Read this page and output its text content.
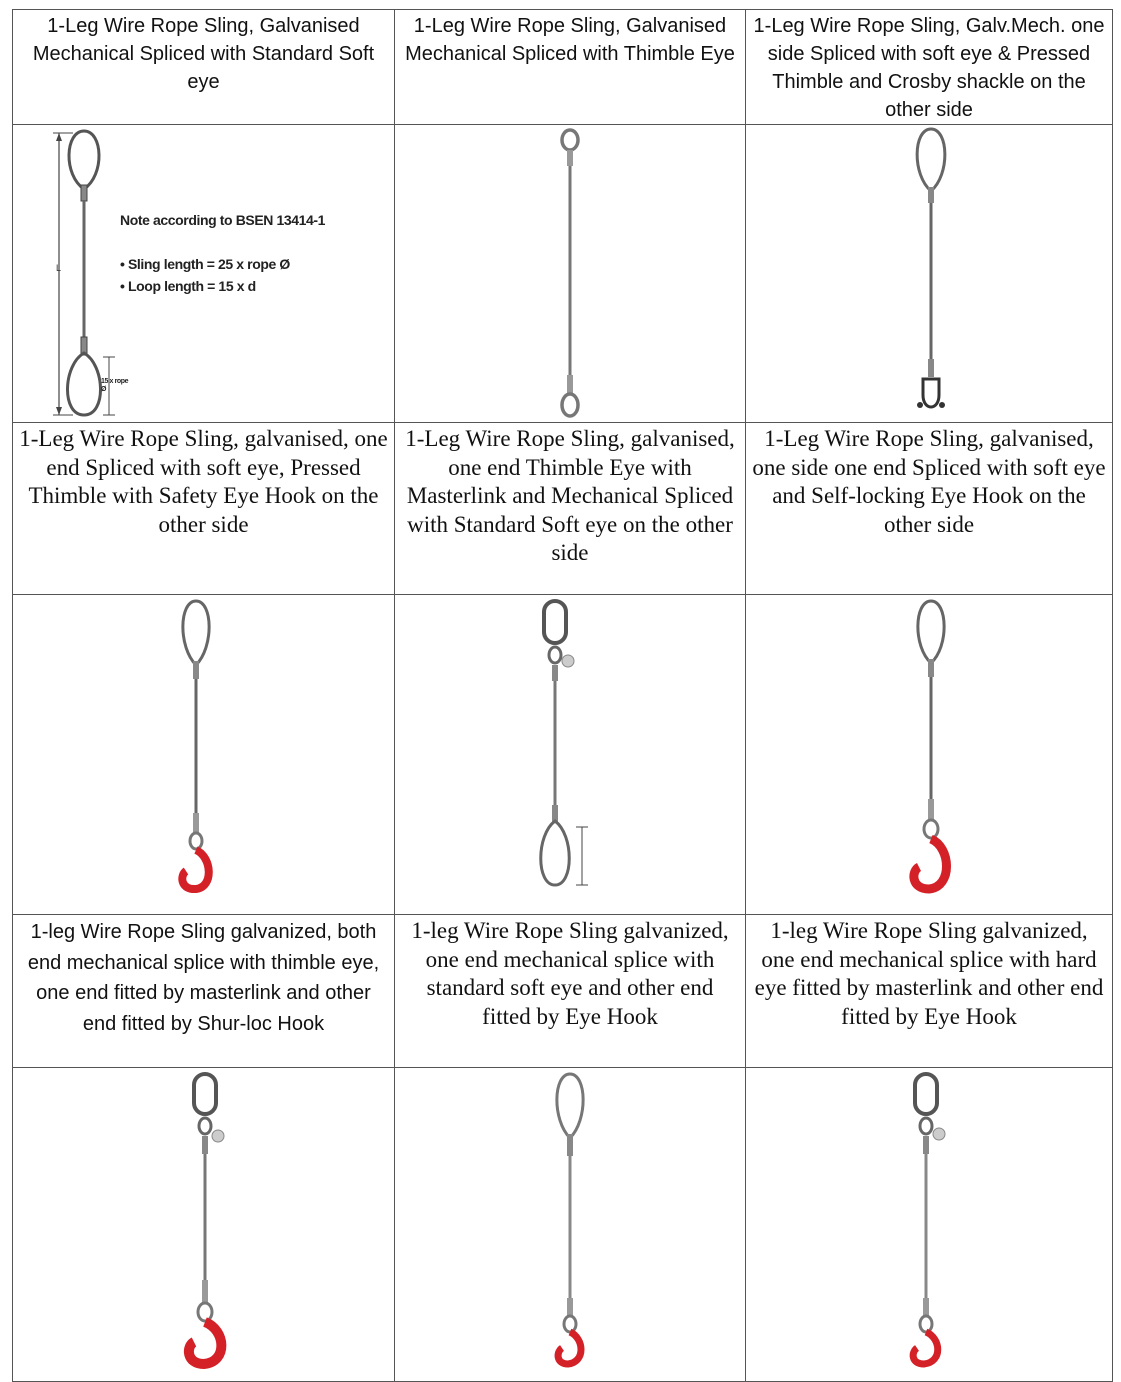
1-Leg Wire Rope Sling, Galvanised Mechanical Spliced with Standard Soft eye	1-Leg Wire Rope Sling, Galvanised Mechanical Spliced with Thimble Eye	1-Leg Wire Rope Sling, Galv.Mech. one side Spliced with soft eye & Pressed Thimble and Crosby shackle on the other side

L
Note according to BSEN 13414-1
• Sling length = 25 x rope Ø
• Loop length = 15 x d
15 x rope Ø

1-Leg Wire Rope Sling, galvanised, one end Spliced with soft eye, Pressed Thimble with Safety Eye Hook on the other side	1-Leg Wire Rope Sling, galvanised, one end Thimble Eye with Masterlink and Mechanical Spliced with Standard Soft eye on the other side	1-Leg Wire Rope Sling, galvanised, one side one end Spliced with soft eye and Self-locking Eye Hook on the other side

1-leg Wire Rope Sling galvanized, both end mechanical splice with thimble eye, one end fitted by masterlink and other end fitted by Shur-loc Hook	1-leg Wire Rope Sling galvanized, one end mechanical splice with standard soft eye and other end fitted by Eye Hook	1-leg Wire Rope Sling galvanized, one end mechanical splice with hard eye fitted by masterlink and other end fitted by Eye Hook
